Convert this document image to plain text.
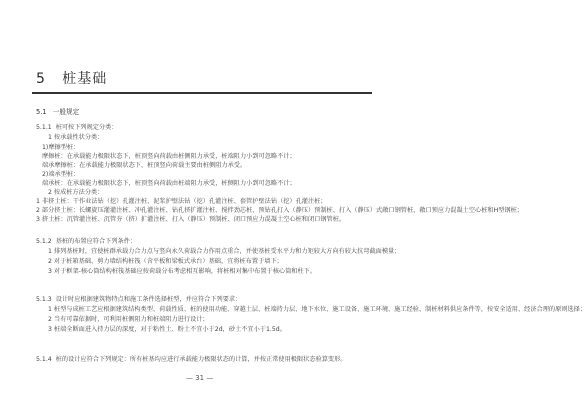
5 桩基础
5.1 一般规定
5.1.1 桩可按下列规定分类：
1 按承载性状分类：
1)摩擦型桩：
摩擦桩：在承载能力极限状态下，桩顶竖向荷载由桩侧阻力承受，桩端阻力小到可忽略不计；
端承摩擦桩：在承载能力极限状态下，桩顶竖向荷载主要由桩侧阻力承受。
2)端承型桩：
端承桩：在承载能力极限状态下，桩顶竖向荷载由桩端阻力承受，桩侧阻力小到可忽略不计；
2 按成桩方法分类：
1 非挤土桩：干作业法钻（挖）孔灌注桩、泥浆护壁法钻（挖）孔灌注桩、套管护壁法钻（挖）孔灌注桩；
2 部分挤土桩：长螺旋压灌灌注桩、冲孔灌注桩、钻孔挤扩灌注桩、搅拌劲芯桩、预钻孔打入（静压）预制桩、打入（静压）式敞口钢管桩、敞口预应力混凝土空心桩和H型钢桩；
3 挤土桩：沉管灌注桩、沉管夯（挤）扩灌注桩、打入（静压）预制桩、闭口预应力混凝土空心桩和闭口钢管桩。
5.1.2 基桩的布置应符合下列条件：
1 排列基桩时，宜使桩群承载力合力点与竖向永久荷载合力作用点重合，并使基桩受水平力和力矩较大方向有较大抗弯截面模量；
2 对于桩箱基础、剪力墙结构桩筏（含平板和梁板式承台）基础，宜将桩布置于墙下；
3 对于框架-核心筒结构桩筏基础应按荷载分布考虑相互影响，将桩相对集中布置于核心筒和柱下。
5.1.3 设计时应根据建筑物特点和施工条件选择桩型，并应符合下列要求：
1 桩型与成桩工艺应根据建筑结构类型、荷载性质、桩的使用功能、穿越土层、桩端持力层、地下水位、施工设备、施工环境、施工经验、制桩材料供应条件等，按安全适用、经济合理的原则选择；
2 当有可靠依据时，可利用桩侧阻力和桩端阻力进行设计；
3 桩端全断面进入持力层的深度，对于粘性土、粉土不宜小于2d，砂土不宜小于1.5d。
5.1.4 桩的设计应符合下列规定：所有桩基均应进行承载能力极限状态的计算，并按正常使用极限状态验算变形。
— 31 —
